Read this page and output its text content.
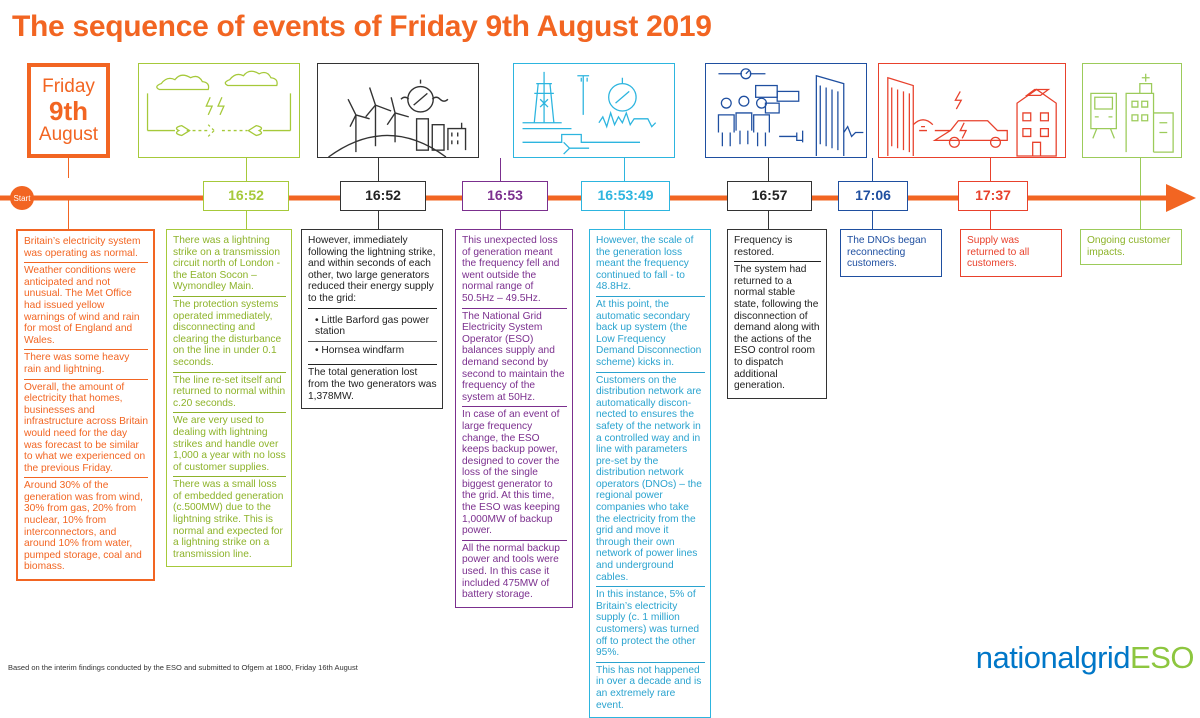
The sequence of events of Friday 9th August 2019
Friday
9th
August
Start	16:52	16:52	16:53	16:53:49	16:57	17:06	17:37

Britain’s electricity system was operating as normal.

Weather conditions were anticipated and not unusual. The Met Office had issued yellow warnings of wind and rain for most of England and Wales.

There was some heavy rain and lightning.

Overall, the amount of electricity that homes, businesses and infrastructure across Britain would need for the day was forecast to be similar to what we experienced on the previous Friday.

Around 30% of the generation was from wind, 30% from gas, 20% from nuclear, 10% from interconnectors, and around 10% from water, pumped storage, coal and biomass.

There was a lightning strike on a transmission circuit north of London - the Eaton Socon – Wymondley Main.

The protection systems operated immediately, disconnecting and clearing the disturbance on the line in under 0.1 seconds.

The line re-set itself and returned to normal within c.20 seconds.

We are very used to dealing with lightning strikes and handle over 1,000 a year with no loss of customer supplies.

There was a small loss of embedded generation (c.500MW) due to the lightning strike. This is normal and expected for a lightning strike on a transmission line.

However, immediately following the lightning strike, and within seconds of each other, two large generators reduced their energy supply to the grid:

• Little Barford gas power station
• Hornsea windfarm

The total generation lost from the two generators was 1,378MW.

This unexpected loss of generation meant the frequency fell and went outside the normal range of 50.5Hz – 49.5Hz.

The National Grid Electricity System Operator (ESO) balances supply and demand second by second to maintain the frequency of the system at 50Hz.

In case of an event of large frequency change, the ESO keeps backup power, designed to cover the loss of the single biggest generator to the grid. At this time, the ESO was keeping 1,000MW of backup power.

All the normal backup power and tools were used. In this case it included 475MW of battery storage.

However, the scale of the generation loss meant the frequency continued to fall - to 48.8Hz.

At this point, the automatic secondary back up system (the Low Frequency Demand Disconnection scheme) kicks in.

Customers on the distribution network are automatically discon-nected to ensures the safety of the network in a controlled way and in line with parameters pre-set by the distribution network operators (DNOs) – the regional power companies who take the electricity from the grid and move it through their own network of power lines and underground cables.

In this instance, 5% of Britain’s electricity supply (c. 1 million customers) was turned off to protect the other 95%.

This has not happened in over a decade and is an extremely rare event.

Frequency is restored.

The system had returned to a normal stable state, following the disconnection of demand along with the actions of the ESO control room to dispatch additional generation.

The DNOs began reconnecting customers.

Supply was returned to all customers.

Ongoing customer impacts.

Based on the interim findings conducted by the ESO and submitted to Ofgem at 1800, Friday 16th August	nationalgridESO
